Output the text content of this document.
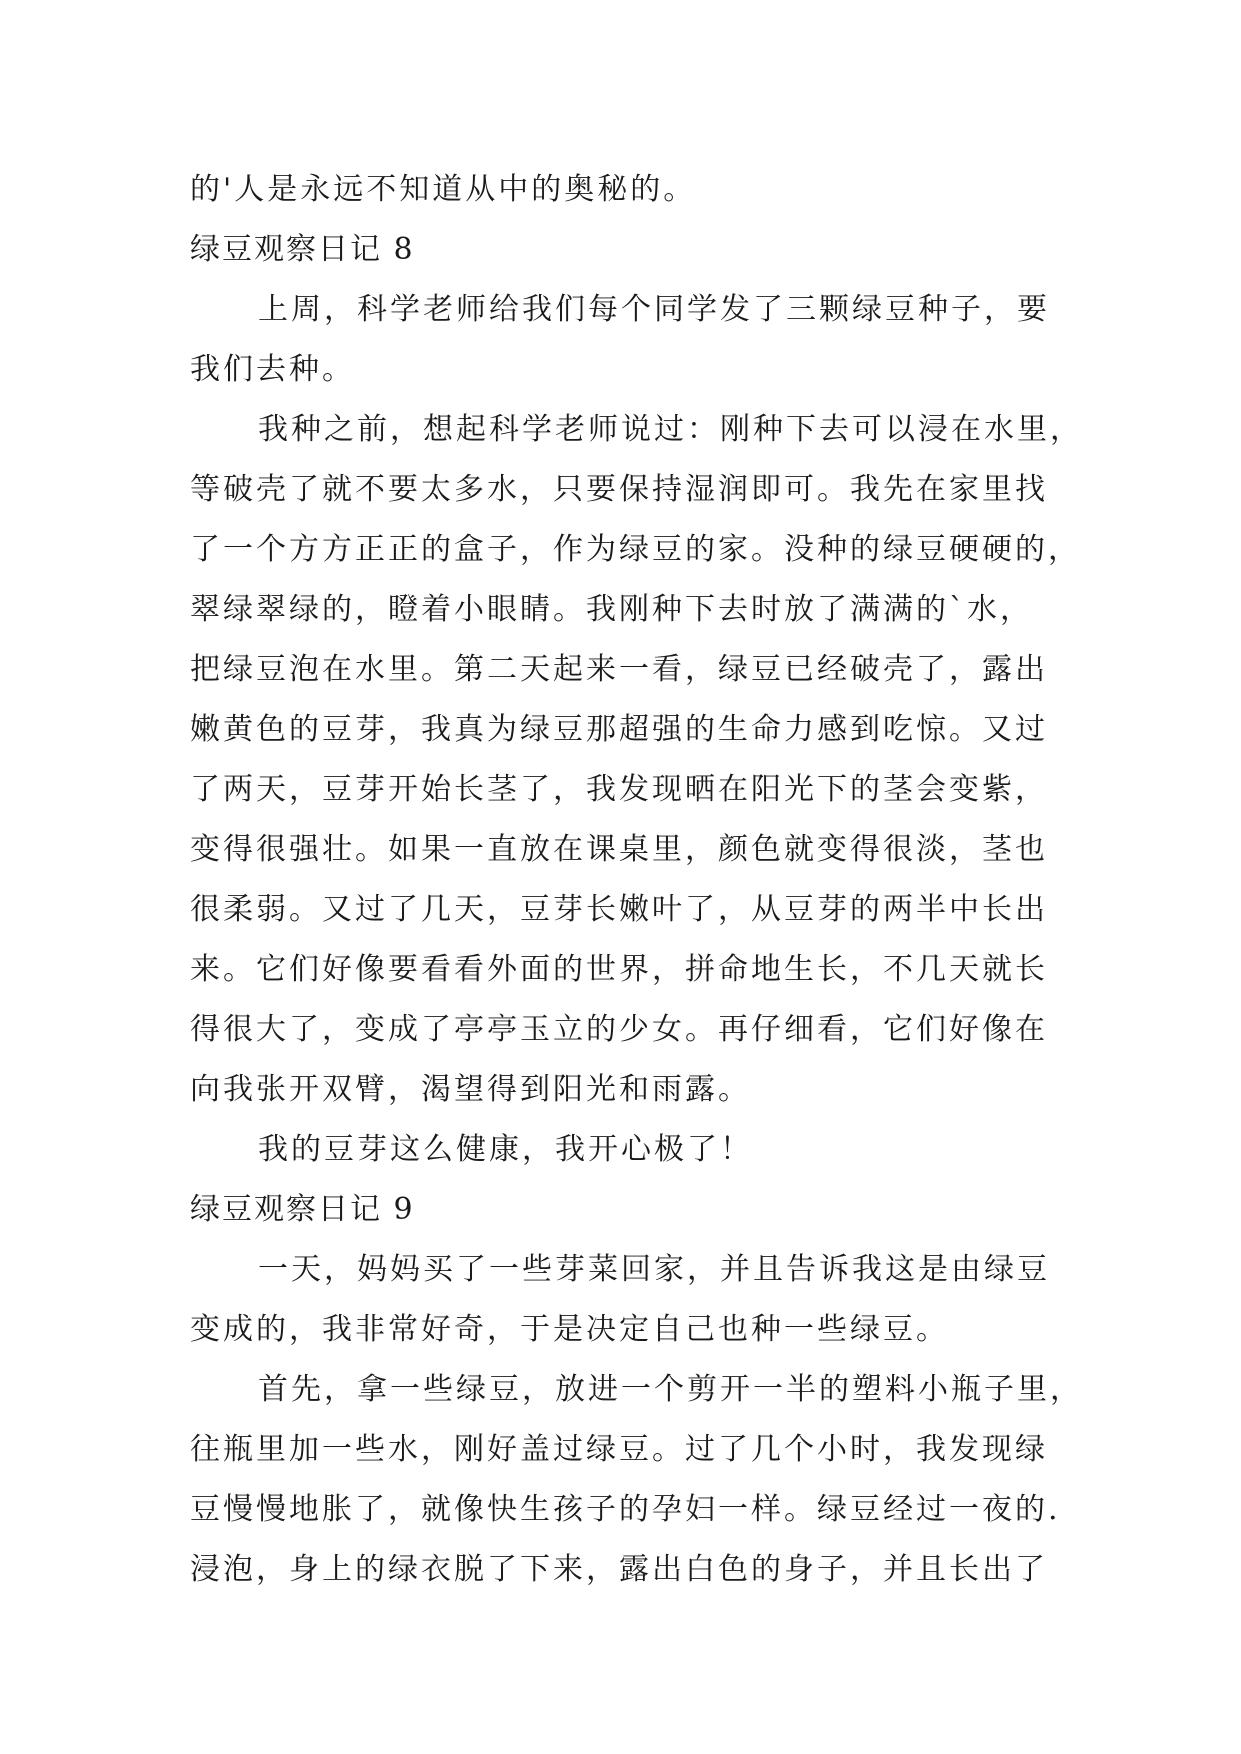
的'人是永远不知道从中的奥秘的。

绿豆观察日记 8

上周，科学老师给我们每个同学发了三颗绿豆种子，要

我们去种。

我种之前，想起科学老师说过：刚种下去可以浸在水里，

等破壳了就不要太多水，只要保持湿润即可。我先在家里找

了一个方方正正的盒子，作为绿豆的家。没种的绿豆硬硬的，

翠绿翠绿的，瞪着小眼睛。我刚种下去时放了满满的`水，

把绿豆泡在水里。第二天起来一看，绿豆已经破壳了，露出

嫩黄色的豆芽，我真为绿豆那超强的生命力感到吃惊。又过

了两天，豆芽开始长茎了，我发现晒在阳光下的茎会变紫，

变得很强壮。如果一直放在课桌里，颜色就变得很淡，茎也

很柔弱。又过了几天，豆芽长嫩叶了，从豆芽的两半中长出

来。它们好像要看看外面的世界，拼命地生长，不几天就长

得很大了，变成了亭亭玉立的少女。再仔细看，它们好像在

向我张开双臂，渴望得到阳光和雨露。

我的豆芽这么健康，我开心极了！

绿豆观察日记 9

一天，妈妈买了一些芽菜回家，并且告诉我这是由绿豆

变成的，我非常好奇，于是决定自己也种一些绿豆。

首先，拿一些绿豆，放进一个剪开一半的塑料小瓶子里，

往瓶里加一些水，刚好盖过绿豆。过了几个小时，我发现绿

豆慢慢地胀了，就像快生孩子的孕妇一样。绿豆经过一夜的.

浸泡，身上的绿衣脱了下来，露出白色的身子，并且长出了
